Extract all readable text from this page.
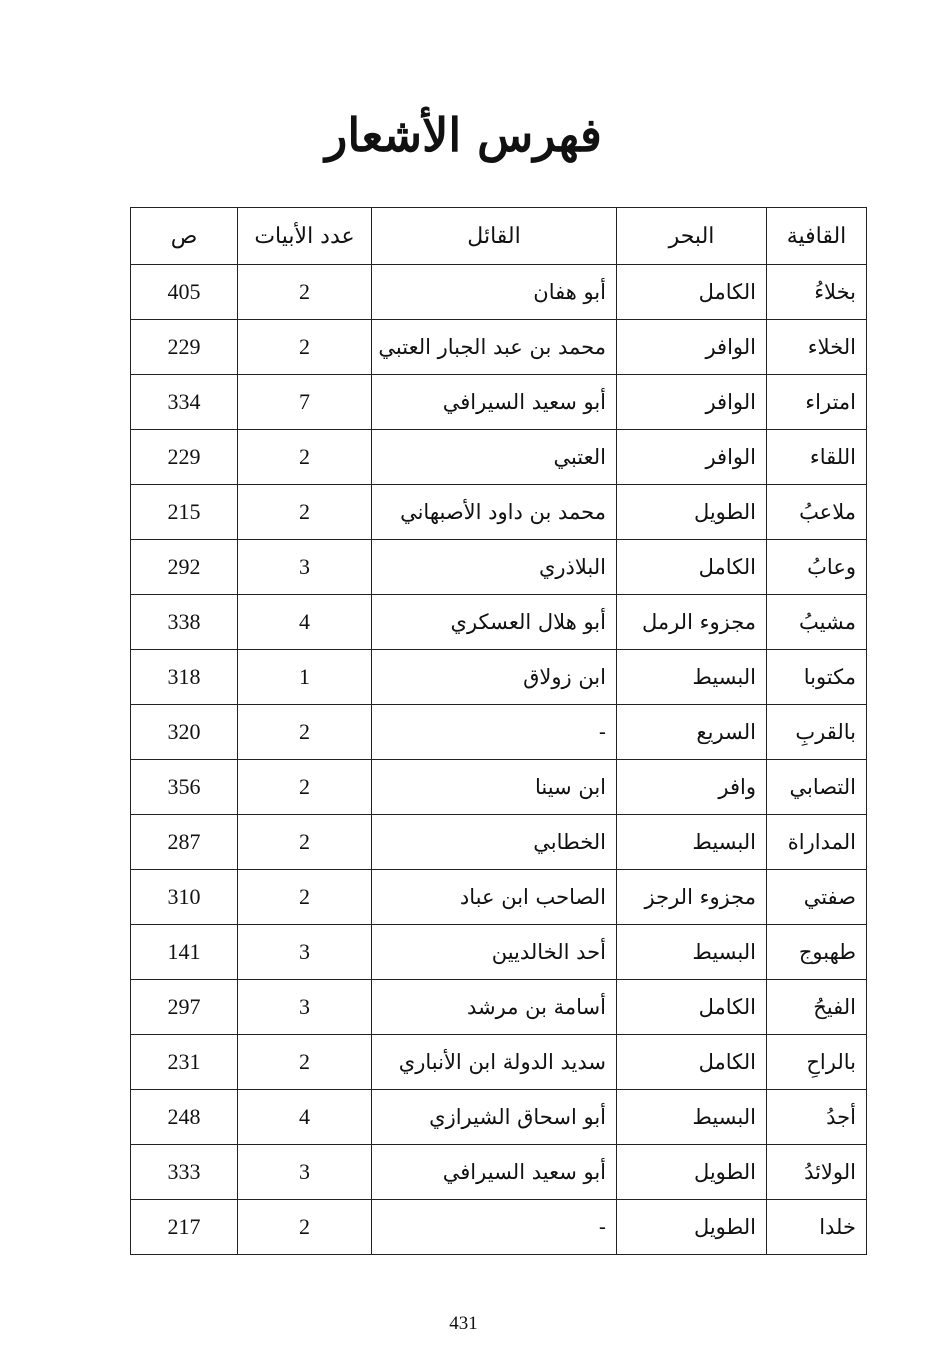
فهرس الأشعار
القافية	البحر	القائل	عدد الأبيات	ص
بخلاءُ	الكامل	أبو هفان	2	405
الخلاء	الوافر	محمد بن عبد الجبار العتبي	2	229
امتراء	الوافر	أبو سعيد السيرافي	7	334
اللقاء	الوافر	العتبي	2	229
ملاعبُ	الطويل	محمد بن داود الأصبهاني	2	215
وعابُ	الكامل	البلاذري	3	292
مشيبُ	مجزوء الرمل	أبو هلال العسكري	4	338
مكتوبا	البسيط	ابن زولاق	1	318
بالقربِ	السريع	-	2	320
التصابي	وافر	ابن سينا	2	356
المداراة	البسيط	الخطابي	2	287
صفتي	مجزوء الرجز	الصاحب ابن عباد	2	310
طهبوج	البسيط	أحد الخالديين	3	141
الفيحُ	الكامل	أسامة بن مرشد	3	297
بالراحِ	الكامل	سديد الدولة ابن الأنباري	2	231
أجدُ	البسيط	أبو اسحاق الشيرازي	4	248
الولائدُ	الطويل	أبو سعيد السيرافي	3	333
خلدا	الطويل	-	2	217
431
